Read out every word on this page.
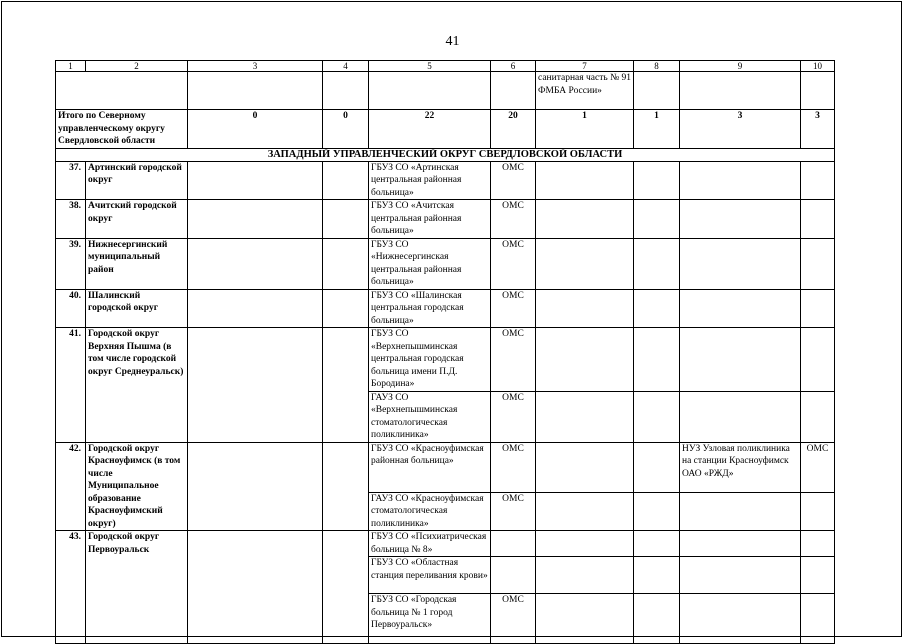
41
1	2	3	4	5	6	7	8	9	10
						санитарная часть № 91 ФМБА России»			
Итого по Северному управленческому округу Свердловской области		0	0	22	20	1	1	3	3
ЗАПАДНЫЙ УПРАВЛЕНЧЕСКИЙ ОКРУГ СВЕРДЛОВСКОЙ ОБЛАСТИ									
37.	Артинский городской округ			ГБУЗ СО «Артинская центральная районная больница»	ОМС				
38.	Ачитский городской округ			ГБУЗ СО «Ачитская центральная районная больница»	ОМС				
39.	Нижнесергинский муниципальный район			ГБУЗ СО «Нижнесергинская центральная районная больница»	ОМС				
40.	Шалинский городской округ			ГБУЗ СО «Шалинская центральная городская больница»	ОМС				
41.	Городской округ Верхняя Пышма (в том числе городской округ Среднеуральск)			ГБУЗ СО «Верхнепышминская центральная городская больница имени П.Д. Бородина»	ОМС				
				ГАУЗ СО «Верхнепышминская стоматологическая поликлиника»	ОМС				
42.	Городской округ Красноуфимск (в том числе Муниципальное образование Красноуфимский округ)			ГБУЗ СО «Красноуфимская районная больница»	ОМС			НУЗ Узловая поликлиника на станции Красноуфимск ОАО «РЖД»	ОМС
				ГАУЗ СО «Красноуфимская стоматологическая поликлиника»	ОМС				
43.	Городской округ Первоуральск			ГБУЗ СО «Психиатрическая больница № 8»					
				ГБУЗ СО «Областная станция переливания крови»					
				ГБУЗ СО «Городская больница № 1 город Первоуральск»	ОМС				
